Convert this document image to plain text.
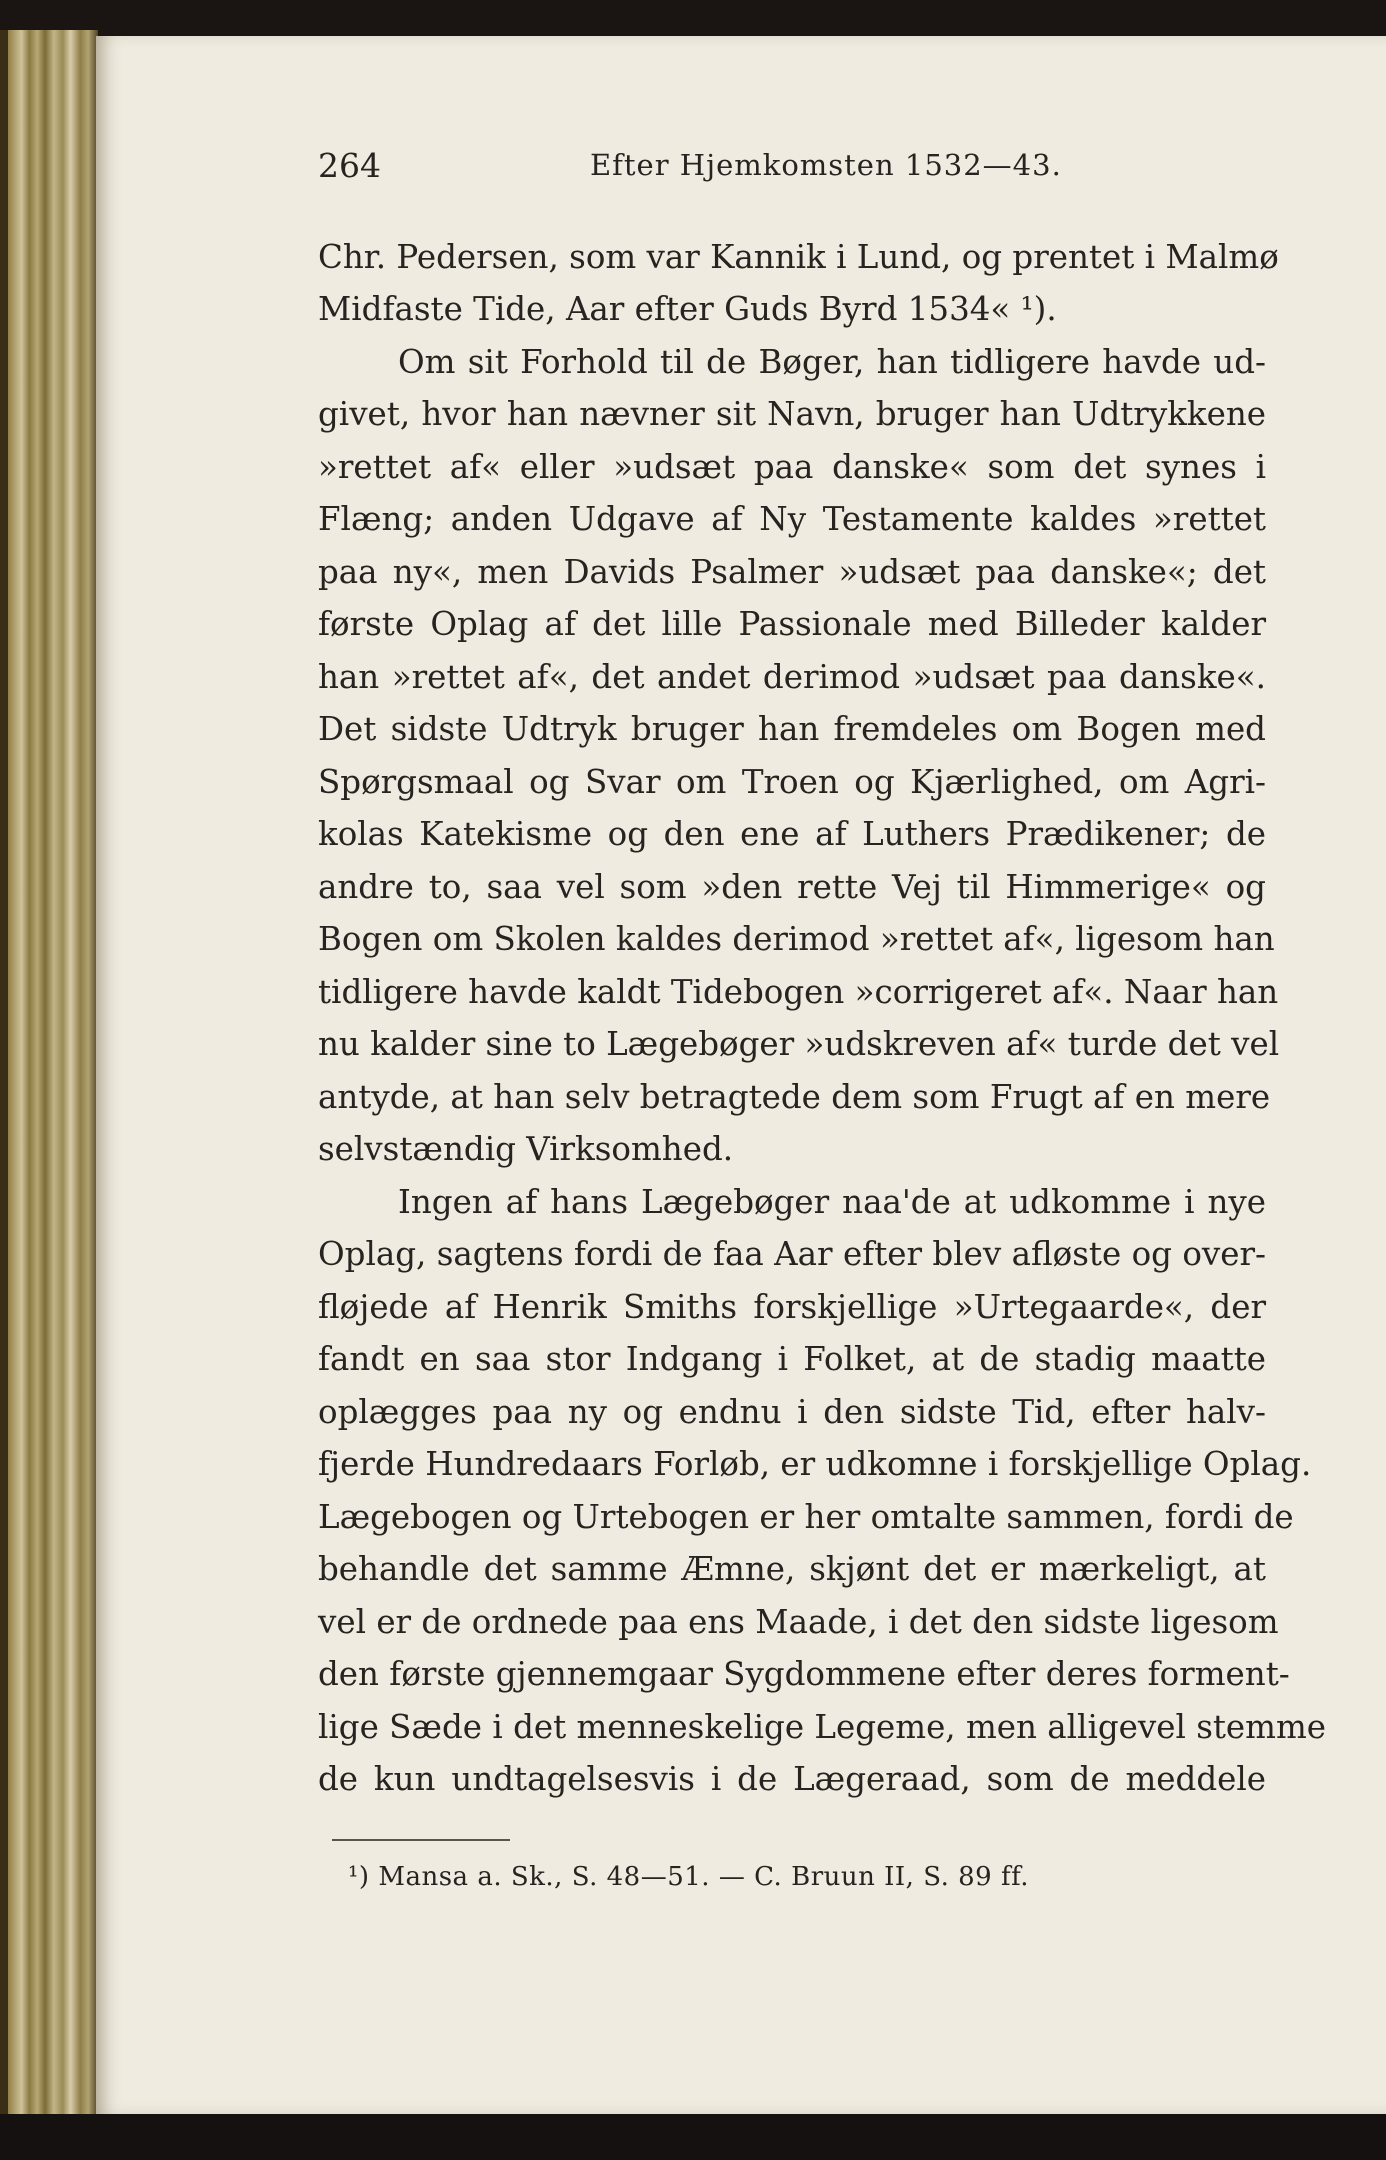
264	Efter Hjemkomsten 1532—43.
Chr. Pedersen, som var Kannik i Lund, og prentet i Malmø
Midfaste Tide, Aar efter Guds Byrd 1534« ¹).
Om sit Forhold til de Bøger, han tidligere havde ud-
givet, hvor han nævner sit Navn, bruger han Udtrykkene
»rettet af« eller »udsæt paa danske« som det synes i
Flæng; anden Udgave af Ny Testamente kaldes »rettet
paa ny«, men Davids Psalmer »udsæt paa danske«; det
første Oplag af det lille Passionale med Billeder kalder
han »rettet af«, det andet derimod »udsæt paa danske«.
Det sidste Udtryk bruger han fremdeles om Bogen med
Spørgsmaal og Svar om Troen og Kjærlighed, om Agri-
kolas Katekisme og den ene af Luthers Prædikener; de
andre to, saa vel som »den rette Vej til Himmerige« og
Bogen om Skolen kaldes derimod »rettet af«, ligesom han
tidligere havde kaldt Tidebogen »corrigeret af«. Naar han
nu kalder sine to Lægebøger »udskreven af« turde det vel
antyde, at han selv betragtede dem som Frugt af en mere
selvstændig Virksomhed.
Ingen af hans Lægebøger naa'de at udkomme i nye
Oplag, sagtens fordi de faa Aar efter blev afløste og over-
fløjede af Henrik Smiths forskjellige »Urtegaarde«, der
fandt en saa stor Indgang i Folket, at de stadig maatte
oplægges paa ny og endnu i den sidste Tid, efter halv-
fjerde Hundredaars Forløb, er udkomne i forskjellige Oplag.
Lægebogen og Urtebogen er her omtalte sammen, fordi de
behandle det samme Æmne, skjønt det er mærkeligt, at
vel er de ordnede paa ens Maade, i det den sidste ligesom
den første gjennemgaar Sygdommene efter deres forment-
lige Sæde i det menneskelige Legeme, men alligevel stemme
de kun undtagelsesvis i de Lægeraad, som de meddele
¹) Mansa a. Sk., S. 48—51. — C. Bruun II, S. 89 ff.
